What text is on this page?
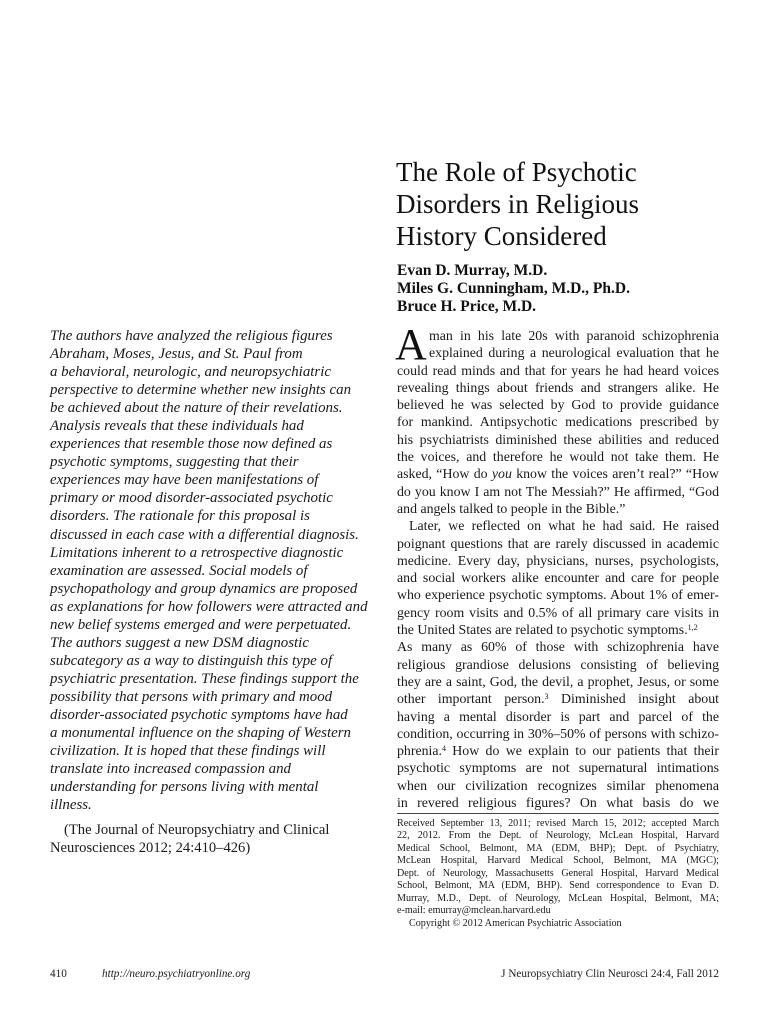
The Role of Psychotic
Disorders in Religious
History Considered
Evan D. Murray, M.D.
Miles G. Cunningham, M.D., Ph.D.
Bruce H. Price, M.D.
The authors have analyzed the religious figures
Abraham, Moses, Jesus, and St. Paul from
a behavioral, neurologic, and neuropsychiatric
perspective to determine whether new insights can
be achieved about the nature of their revelations.
Analysis reveals that these individuals had
experiences that resemble those now defined as
psychotic symptoms, suggesting that their
experiences may have been manifestations of
primary or mood disorder-associated psychotic
disorders. The rationale for this proposal is
discussed in each case with a differential diagnosis.
Limitations inherent to a retrospective diagnostic
examination are assessed. Social models of
psychopathology and group dynamics are proposed
as explanations for how followers were attracted and
new belief systems emerged and were perpetuated.
The authors suggest a new DSM diagnostic
subcategory as a way to distinguish this type of
psychiatric presentation. These findings support the
possibility that persons with primary and mood
disorder-associated psychotic symptoms have had
a monumental influence on the shaping of Western
civilization. It is hoped that these findings will
translate into increased compassion and
understanding for persons living with mental
illness.
(The Journal of Neuropsychiatry and Clinical
Neurosciences 2012; 24:410–426)
A man in his late 20s with paranoid schizophrenia
explained during a neurological evaluation that he
could read minds and that for years he had heard voices
revealing things about friends and strangers alike. He
believed he was selected by God to provide guidance
for mankind. Antipsychotic medications prescribed by
his psychiatrists diminished these abilities and reduced
the voices, and therefore he would not take them. He
asked, “How do you know the voices aren’t real?” “How
do you know I am not The Messiah?” He affirmed, “God
and angels talked to people in the Bible.”
Later, we reflected on what he had said. He raised
poignant questions that are rarely discussed in academic
medicine. Every day, physicians, nurses, psychologists,
and social workers alike encounter and care for people
who experience psychotic symptoms. About 1% of emer-
gency room visits and 0.5% of all primary care visits in
the United States are related to psychotic symptoms.$^{1,2}$
As many as 60% of those with schizophrenia have
religious grandiose delusions consisting of believing
they are a saint, God, the devil, a prophet, Jesus, or some
other important person.$^3$ Diminished insight about
having a mental disorder is part and parcel of the
condition, occurring in 30%–50% of persons with schizo-
phrenia.$^4$ How do we explain to our patients that their
psychotic symptoms are not supernatural intimations
when our civilization recognizes similar phenomena
in revered religious figures? On what basis do we
Received September 13, 2011; revised March 15, 2012; accepted March
22, 2012. From the Dept. of Neurology, McLean Hospital, Harvard
Medical School, Belmont, MA (EDM, BHP); Dept. of Psychiatry,
McLean Hospital, Harvard Medical School, Belmont, MA (MGC);
Dept. of Neurology, Massachusetts General Hospital, Harvard Medical
School, Belmont, MA (EDM, BHP). Send correspondence to Evan D.
Murray, M.D., Dept. of Neurology, McLean Hospital, Belmont, MA;
e-mail: emurray@mclean.harvard.edu
Copyright © 2012 American Psychiatric Association
410	http://neuro.psychiatryonline.org	J Neuropsychiatry Clin Neurosci 24:4, Fall 2012
